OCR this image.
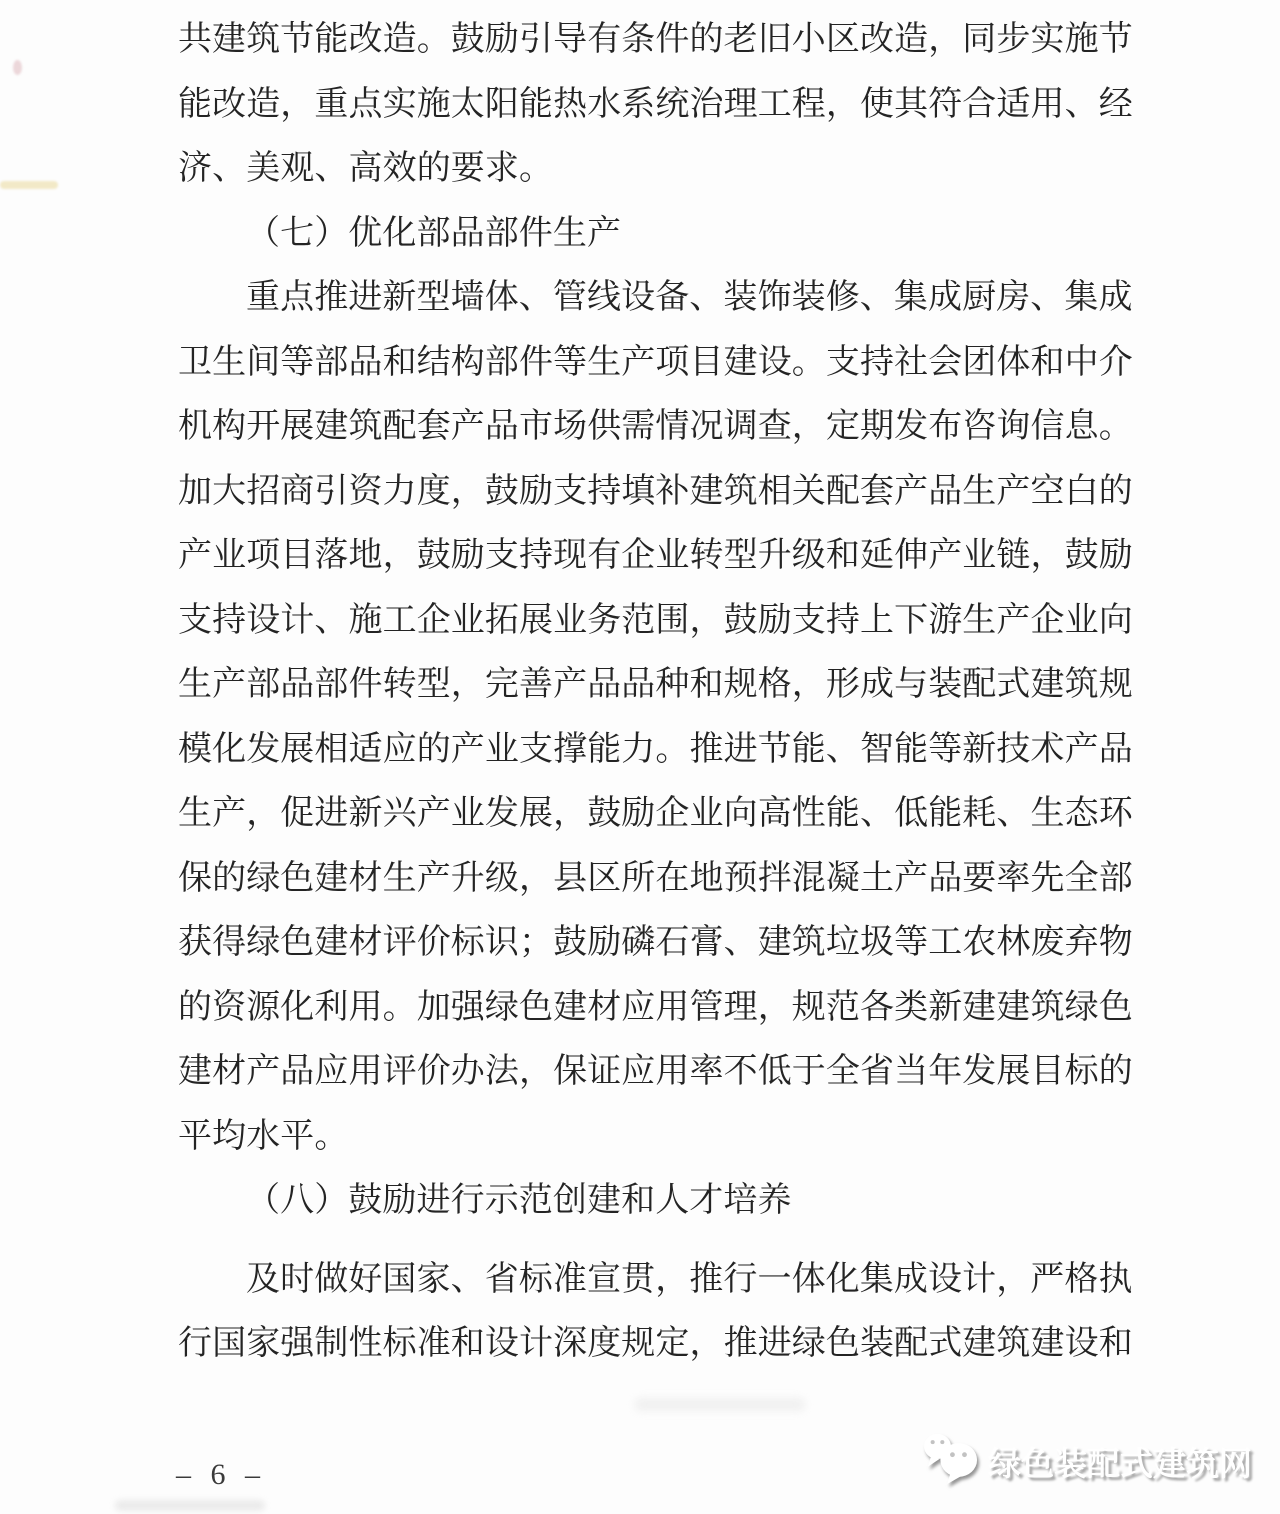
共建筑节能改造。鼓励引导有条件的老旧小区改造，同步实施节
能改造，重点实施太阳能热水系统治理工程，使其符合适用、经
济、美观、高效的要求。
（七）优化部品部件生产
重点推进新型墙体、管线设备、装饰装修、集成厨房、集成
卫生间等部品和结构部件等生产项目建设。支持社会团体和中介
机构开展建筑配套产品市场供需情况调查，定期发布咨询信息。
加大招商引资力度，鼓励支持填补建筑相关配套产品生产空白的
产业项目落地，鼓励支持现有企业转型升级和延伸产业链，鼓励
支持设计、施工企业拓展业务范围，鼓励支持上下游生产企业向
生产部品部件转型，完善产品品种和规格，形成与装配式建筑规
模化发展相适应的产业支撑能力。推进节能、智能等新技术产品
生产，促进新兴产业发展，鼓励企业向高性能、低能耗、生态环
保的绿色建材生产升级，县区所在地预拌混凝土产品要率先全部
获得绿色建材评价标识；鼓励磷石膏、建筑垃圾等工农林废弃物
的资源化利用。加强绿色建材应用管理，规范各类新建建筑绿色
建材产品应用评价办法，保证应用率不低于全省当年发展目标的
平均水平。
（八）鼓励进行示范创建和人才培养
及时做好国家、省标准宣贯，推行一体化集成设计，严格执
行国家强制性标准和设计深度规定，推进绿色装配式建筑建设和
– 6 –	绿色装配式建筑网
